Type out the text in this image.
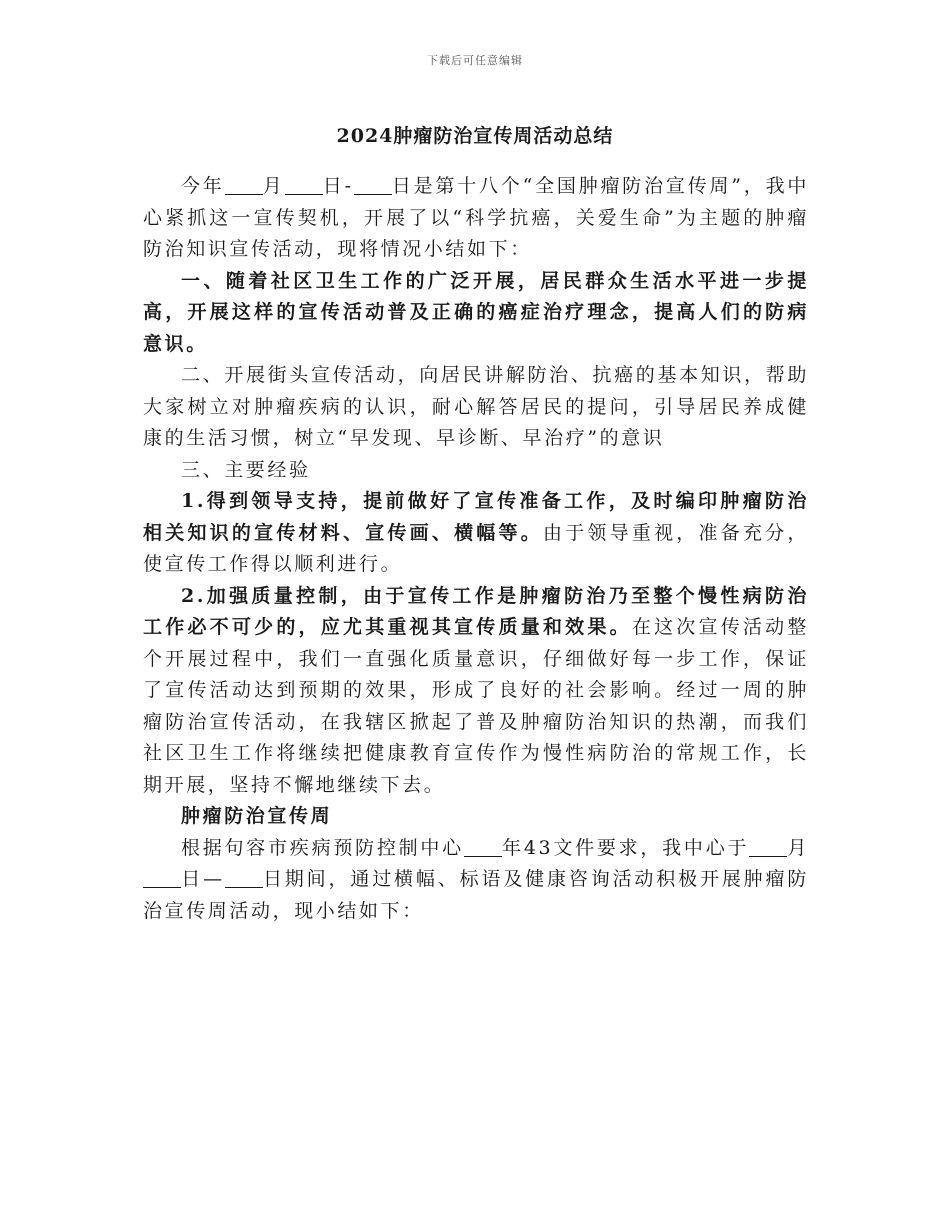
下载后可任意编辑
2024肿瘤防治宣传周活动总结

今年 月 日- 日是第十八个“全国肿瘤防治宣传周”，我中心紧抓这一宣传契机，开展了以“科学抗癌，关爱生命”为主题的肿瘤防治知识宣传活动，现将情况小结如下：

一、随着社区卫生工作的广泛开展，居民群众生活水平进一步提高，开展这样的宣传活动普及正确的癌症治疗理念，提高人们的防病意识。

二、开展街头宣传活动，向居民讲解防治、抗癌的基本知识，帮助大家树立对肿瘤疾病的认识，耐心解答居民的提问，引导居民养成健康的生活习惯，树立“早发现、早诊断、早治疗”的意识

三、主要经验

1.得到领导支持，提前做好了宣传准备工作，及时编印肿瘤防治相关知识的宣传材料、宣传画、横幅等。由于领导重视，准备充分，使宣传工作得以顺利进行。

2.加强质量控制，由于宣传工作是肿瘤防治乃至整个慢性病防治工作必不可少的，应尤其重视其宣传质量和效果。在这次宣传活动整个开展过程中，我们一直强化质量意识，仔细做好每一步工作，保证了宣传活动达到预期的效果，形成了良好的社会影响。经过一周的肿瘤防治宣传活动，在我辖区掀起了普及肿瘤防治知识的热潮，而我们社区卫生工作将继续把健康教育宣传作为慢性病防治的常规工作，长期开展，坚持不懈地继续下去。

肿瘤防治宣传周

根据句容市疾病预防控制中心 年43文件要求，我中心于 月日— 日期间，通过横幅、标语及健康咨询活动积极开展肿瘤防治宣传周活动，现小结如下：
